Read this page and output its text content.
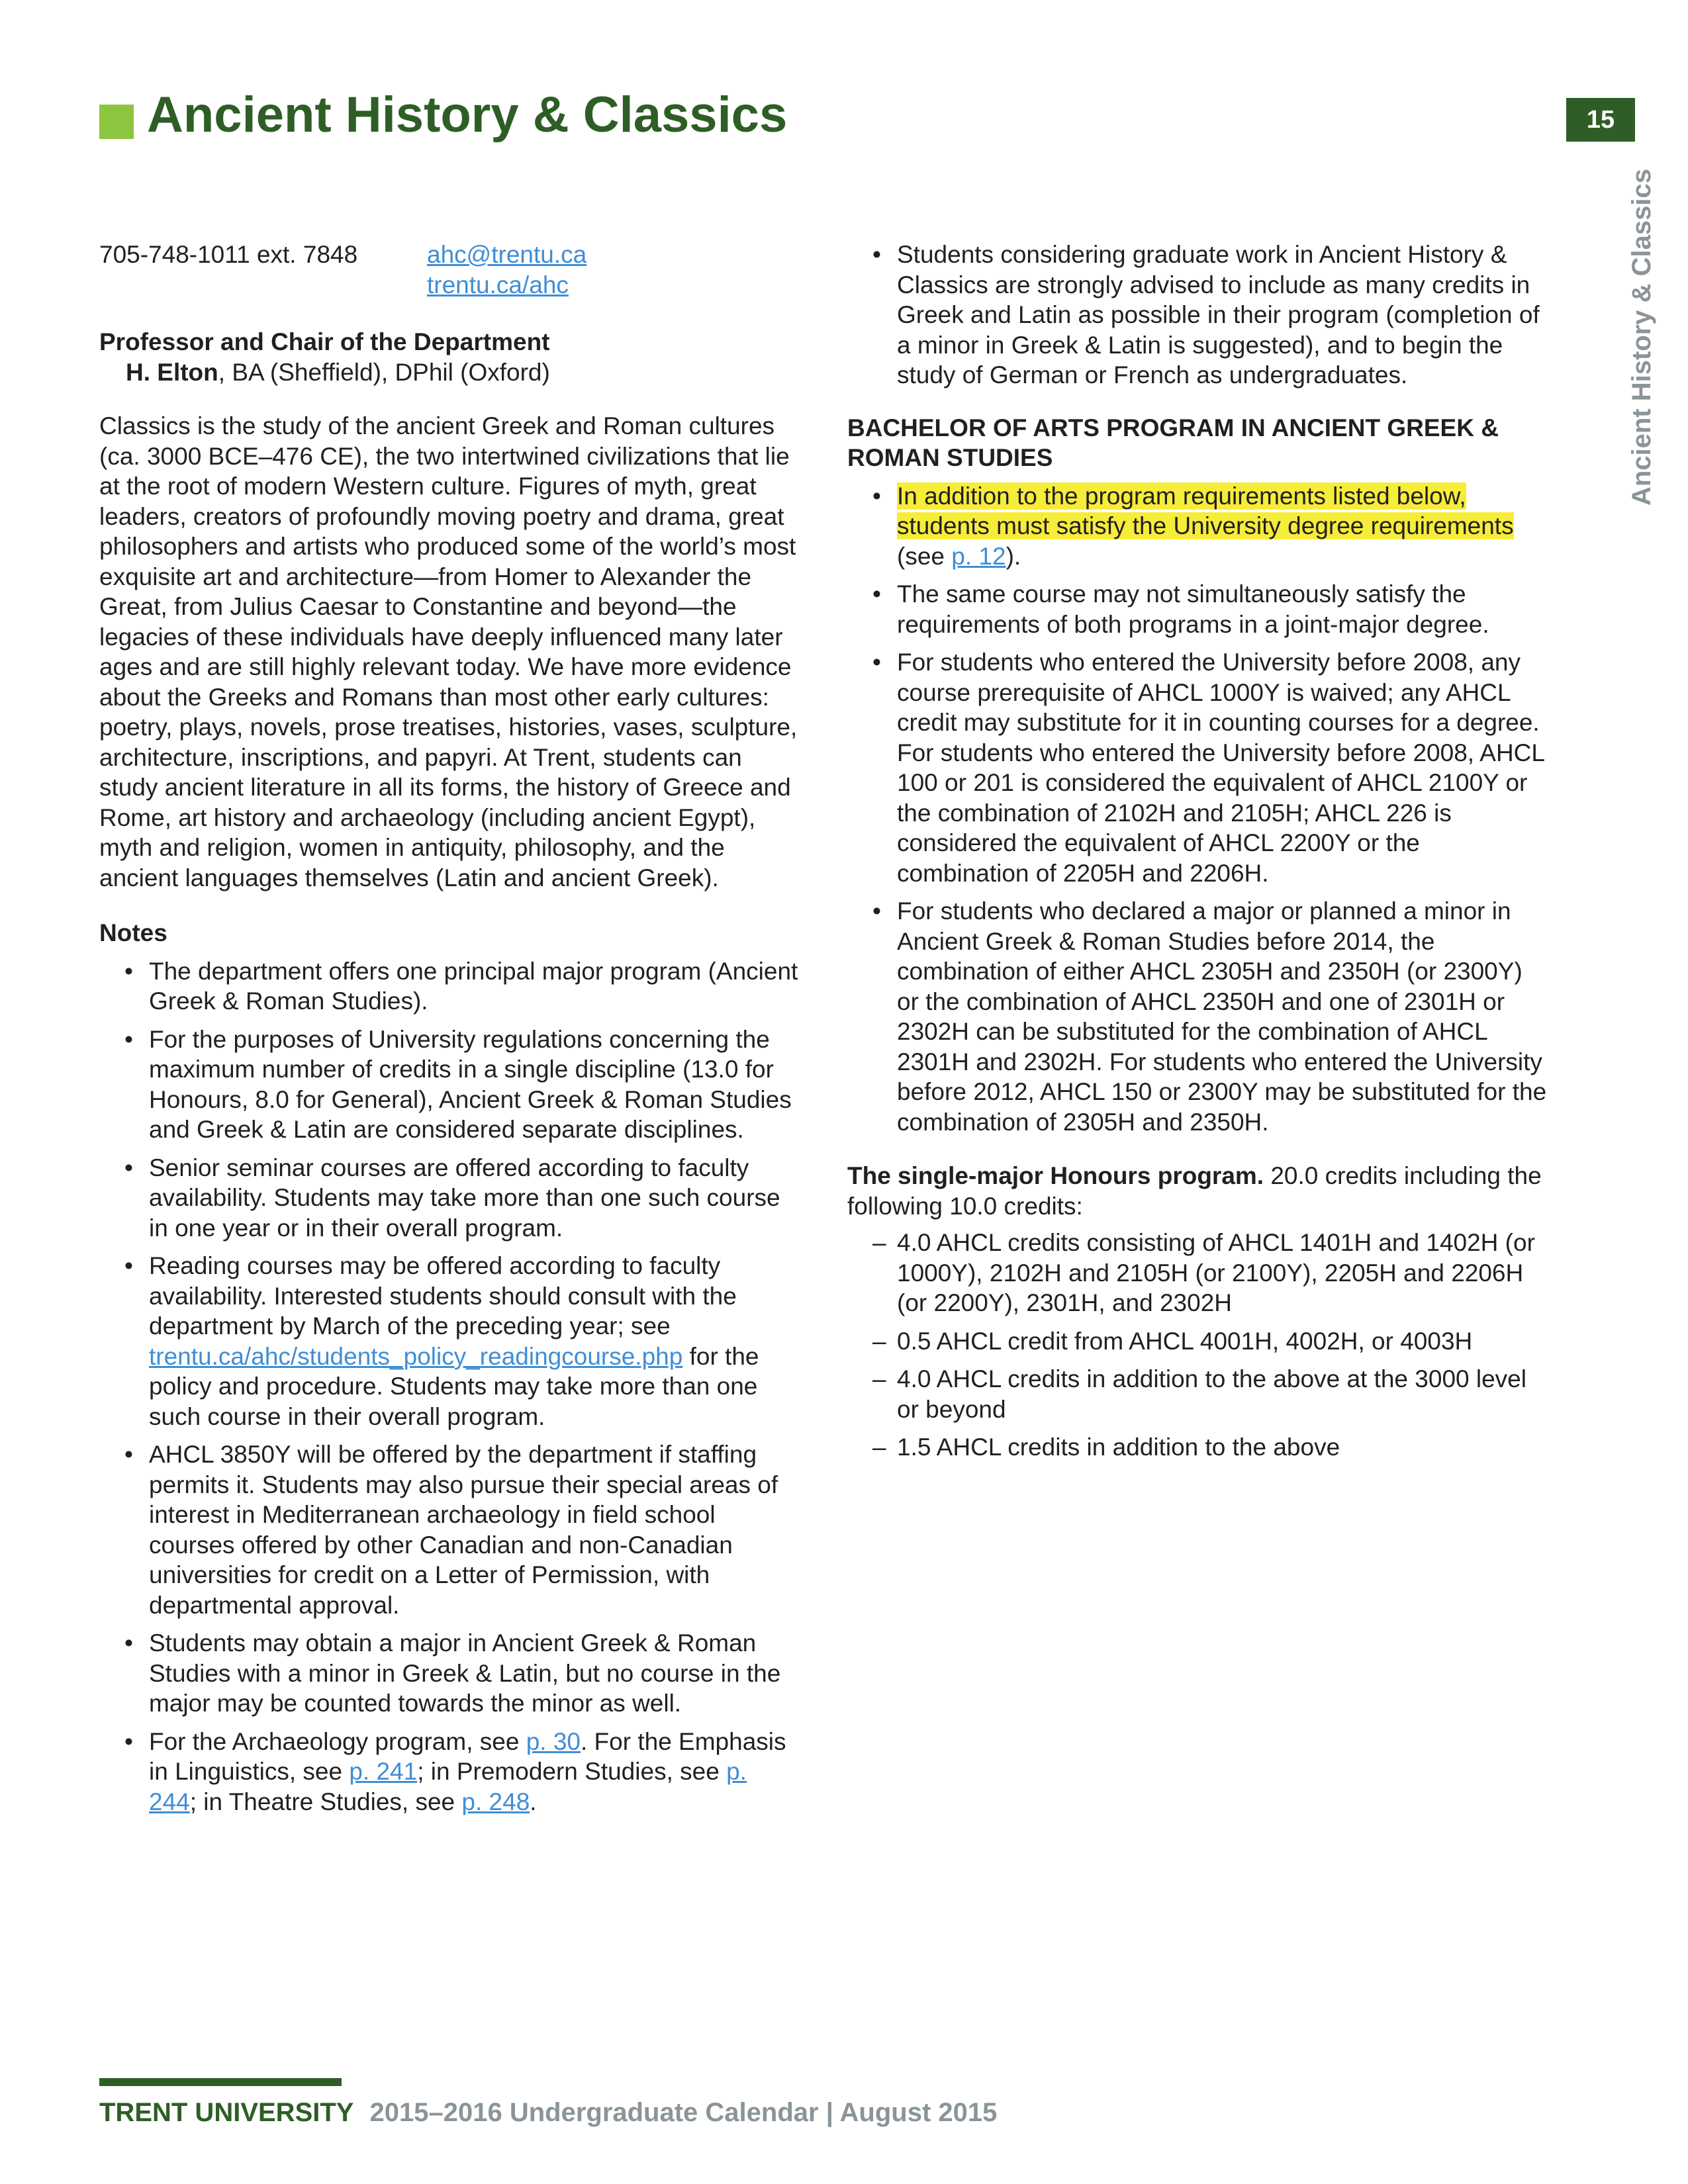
Ancient History & Classics	15
Ancient History & Classics
705-748-1011 ext. 7848	ahc@trentu.ca
trentu.ca/ahc
Professor and Chair of the Department
H. Elton, BA (Sheffield), DPhil (Oxford)

Classics is the study of the ancient Greek and Roman cultures (ca. 3000 BCE–476 CE), the two intertwined civilizations that lie at the root of modern Western culture. Figures of myth, great leaders, creators of profoundly moving poetry and drama, great philosophers and artists who produced some of the world’s most exquisite art and architecture—from Homer to Alexander the Great, from Julius Caesar to Constantine and beyond—the legacies of these individuals have deeply influenced many later ages and are still highly relevant today. We have more evidence about the Greeks and Romans than most other early cultures: poetry, plays, novels, prose treatises, histories, vases, sculpture, architecture, inscriptions, and papyri. At Trent, students can study ancient literature in all its forms, the history of Greece and Rome, art history and archaeology (including ancient Egypt), myth and religion, women in antiquity, philosophy, and the ancient languages themselves (Latin and ancient Greek).

Notes
• The department offers one principal major program (Ancient Greek & Roman Studies).
• For the purposes of University regulations concerning the maximum number of credits in a single discipline (13.0 for Honours, 8.0 for General), Ancient Greek & Roman Studies and Greek & Latin are considered separate disciplines.
• Senior seminar courses are offered according to faculty availability. Students may take more than one such course in one year or in their overall program.
• Reading courses may be offered according to faculty availability. Interested students should consult with the department by March of the preceding year; see trentu.ca/ahc/students_policy_readingcourse.php for the policy and procedure. Students may take more than one such course in their overall program.
• AHCL 3850Y will be offered by the department if staffing permits it. Students may also pursue their special areas of interest in Mediterranean archaeology in field school courses offered by other Canadian and non-Canadian universities for credit on a Letter of Permission, with departmental approval.
• Students may obtain a major in Ancient Greek & Roman Studies with a minor in Greek & Latin, but no course in the major may be counted towards the minor as well.
• For the Archaeology program, see p. 30. For the Emphasis in Linguistics, see p. 241; in Premodern Studies, see p. 244; in Theatre Studies, see p. 248.
• Students considering graduate work in Ancient History & Classics are strongly advised to include as many credits in Greek and Latin as possible in their program (completion of a minor in Greek & Latin is suggested), and to begin the study of German or French as undergraduates.
BACHELOR OF ARTS PROGRAM IN ANCIENT GREEK & ROMAN STUDIES
• In addition to the program requirements listed below, students must satisfy the University degree requirements (see p. 12).
• The same course may not simultaneously satisfy the requirements of both programs in a joint-major degree.
• For students who entered the University before 2008, any course prerequisite of AHCL 1000Y is waived; any AHCL credit may substitute for it in counting courses for a degree. For students who entered the University before 2008, AHCL 100 or 201 is considered the equivalent of AHCL 2100Y or the combination of 2102H and 2105H; AHCL 226 is considered the equivalent of AHCL 2200Y or the combination of 2205H and 2206H.
• For students who declared a major or planned a minor in Ancient Greek & Roman Studies before 2014, the combination of either AHCL 2305H and 2350H (or 2300Y) or the combination of AHCL 2350H and one of 2301H or 2302H can be substituted for the combination of AHCL 2301H and 2302H. For students who entered the University before 2012, AHCL 150 or 2300Y may be substituted for the combination of 2305H and 2350H.

The single-major Honours program. 20.0 credits including the following 10.0 credits:

– 4.0 AHCL credits consisting of AHCL 1401H and 1402H (or 1000Y), 2102H and 2105H (or 2100Y), 2205H and 2206H (or 2200Y), 2301H, and 2302H
– 0.5 AHCL credit from AHCL 4001H, 4002H, or 4003H
– 4.0 AHCL credits in addition to the above at the 3000 level or beyond
– 1.5 AHCL credits in addition to the above
TRENT UNIVERSITY 2015–2016 Undergraduate Calendar | August 2015
